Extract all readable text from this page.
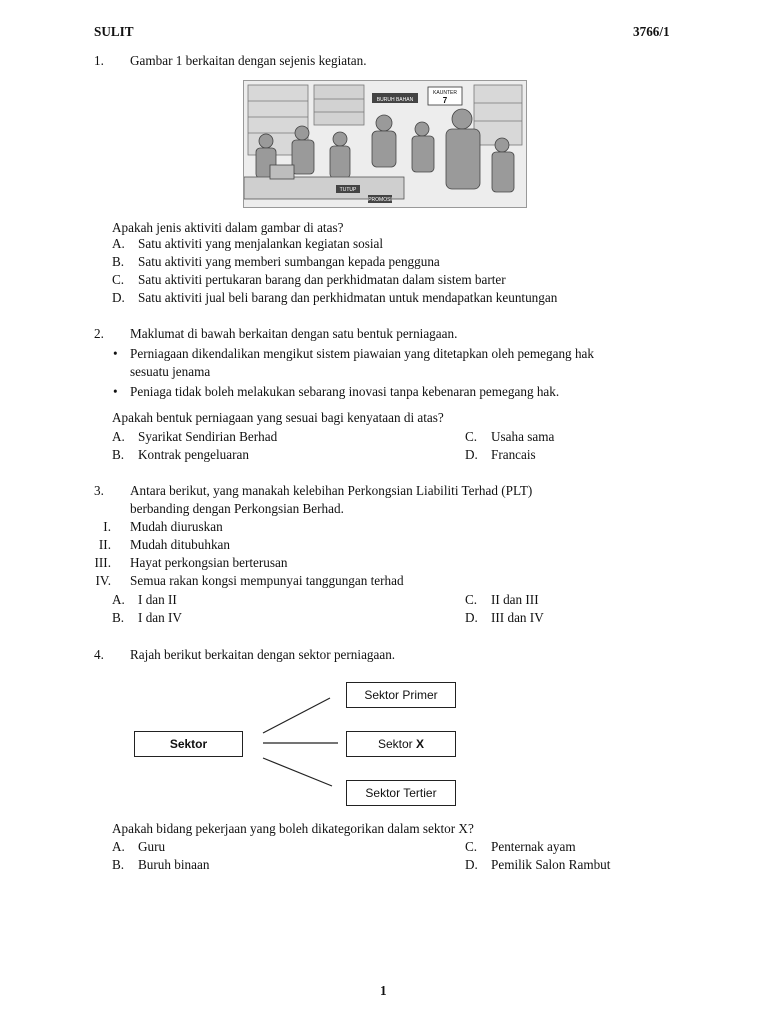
SULIT	3766/1
1. Gambar 1 berkaitan dengan sejenis kegiatan.
BURUH BAHAN
KAUNTER
7
TUTUP
PROMOSI
Apakah jenis aktiviti dalam gambar di atas?
A. Satu aktiviti yang menjalankan kegiatan sosial
B. Satu aktiviti yang memberi sumbangan kepada pengguna
C. Satu aktiviti pertukaran barang dan perkhidmatan dalam sistem barter
D. Satu aktiviti jual beli barang dan perkhidmatan untuk mendapatkan keuntungan
2. Maklumat di bawah berkaitan dengan satu bentuk perniagaan.
• Perniagaan dikendalikan mengikut sistem piawaian yang ditetapkan oleh pemegang hak
sesuatu jenama
• Peniaga tidak boleh melakukan sebarang inovasi tanpa kebenaran pemegang hak.
Apakah bentuk perniagaan yang sesuai bagi kenyataan di atas?
A. Syarikat Sendirian Berhad	C. Usaha sama
B. Kontrak pengeluaran	D. Francais
3. Antara berikut, yang manakah kelebihan Perkongsian Liabiliti Terhad (PLT)
berbanding dengan Perkongsian Berhad.
I. Mudah diuruskan
II. Mudah ditubuhkan
III. Hayat perkongsian berterusan
IV. Semua rakan kongsi mempunyai tanggungan terhad
A. I dan II	C. II dan III
B. I dan IV	D. III dan IV
4. Rajah berikut berkaitan dengan sektor perniagaan.
Sektor
Sektor Primer
Sektor X
Sektor Tertier
Apakah bidang pekerjaan yang boleh dikategorikan dalam sektor X?
A. Guru	C. Penternak ayam
B. Buruh binaan	D. Pemilik Salon Rambut
1
